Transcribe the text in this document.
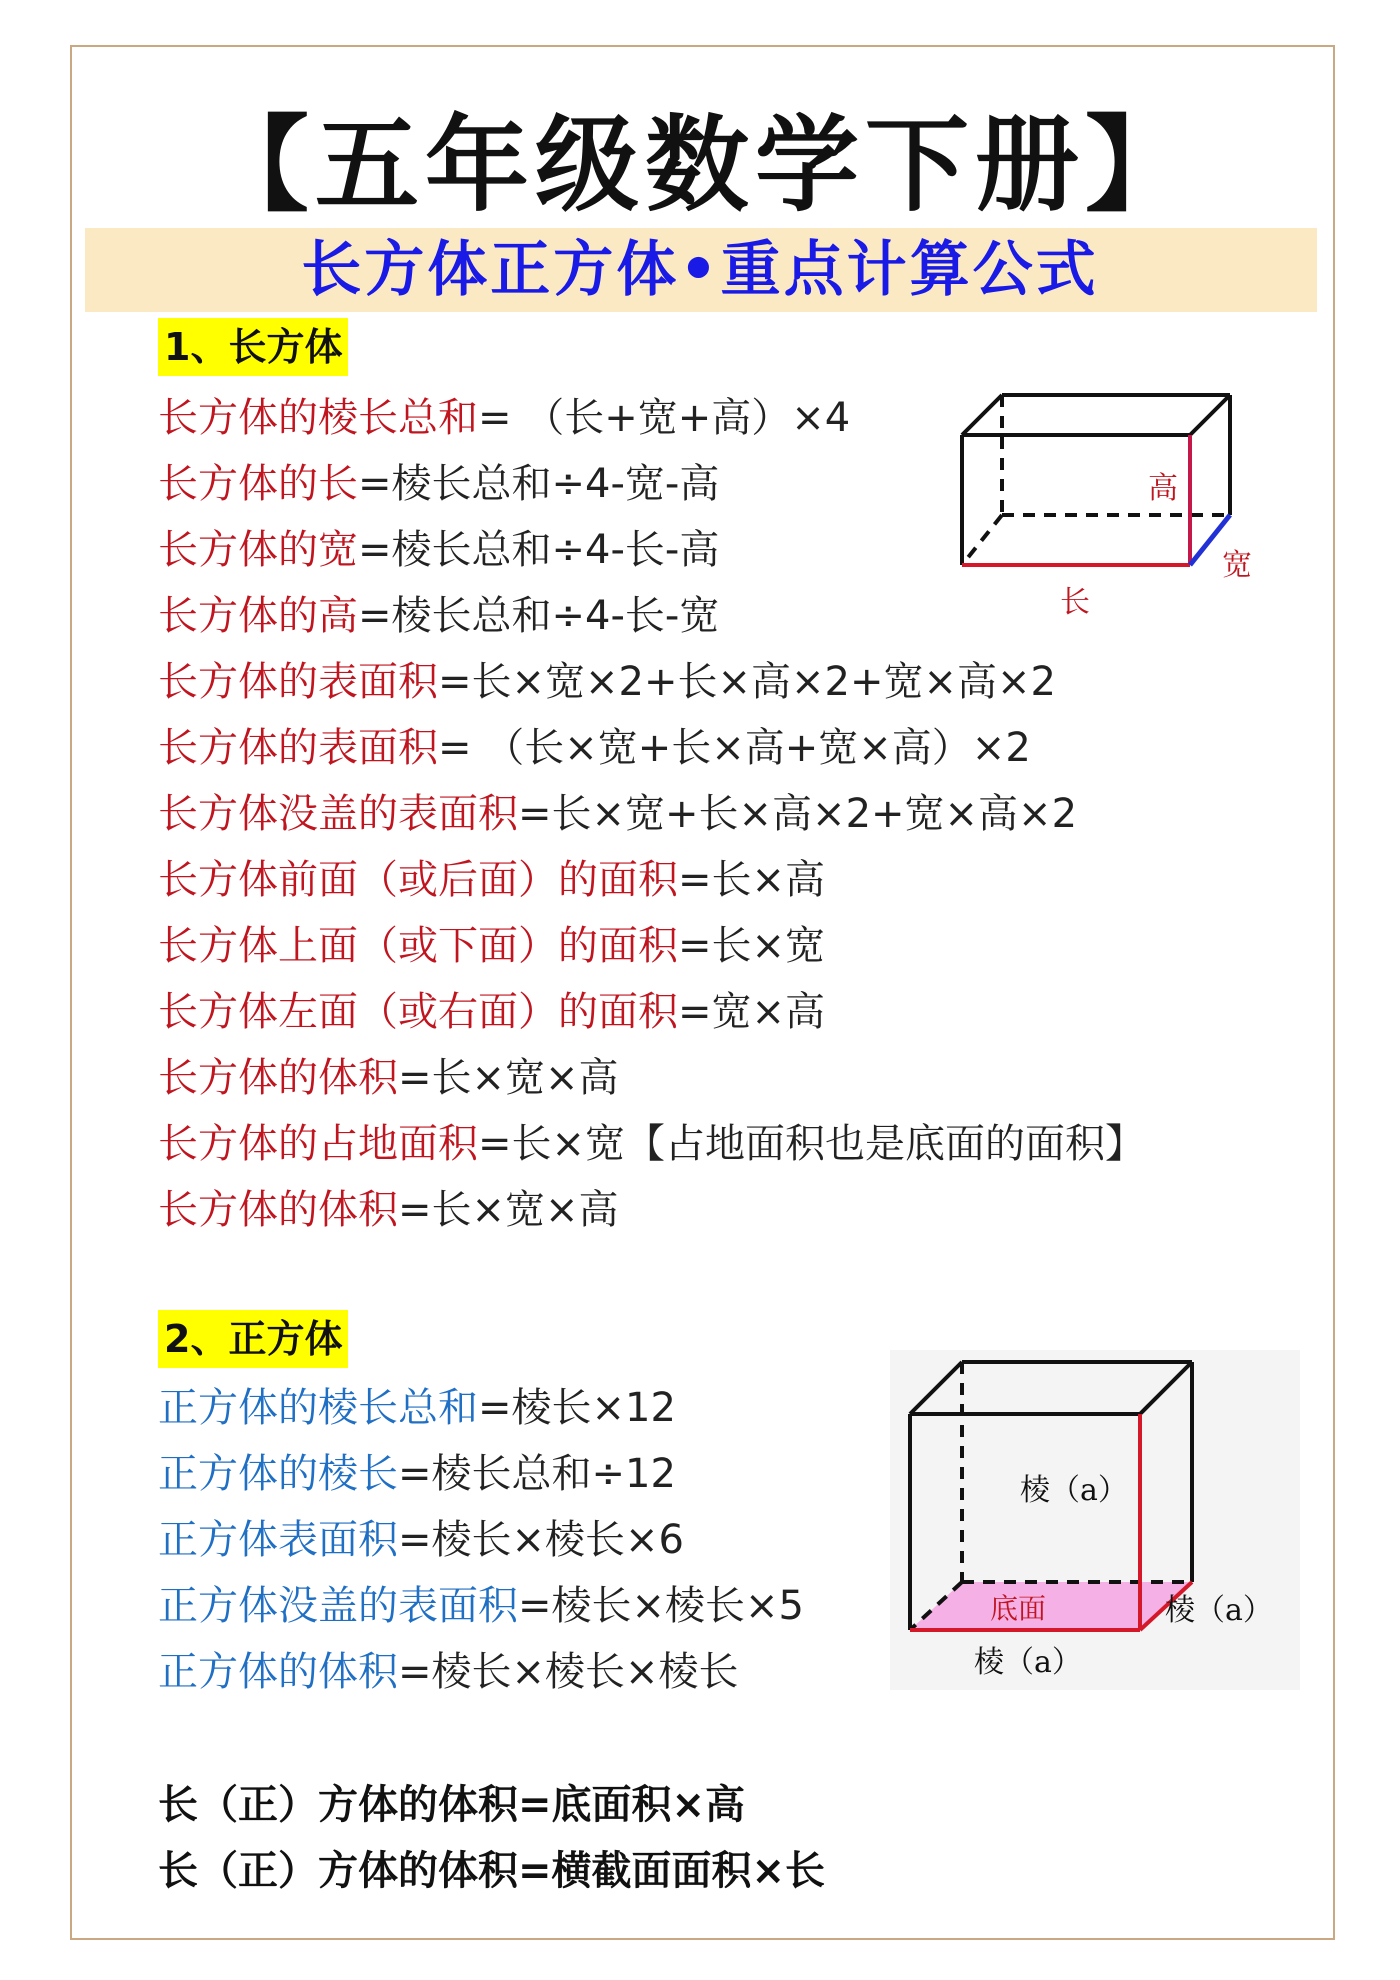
【五年级数学下册】
长方体正方体•重点计算公式
1、长方体
长方体的棱长总和= （长+宽+高）×4
长方体的长=棱长总和÷4-宽-高
长方体的宽=棱长总和÷4-长-高
长方体的高=棱长总和÷4-长-宽
长方体的表面积=长×宽×2+长×高×2+宽×高×2
长方体的表面积= （长×宽+长×高+宽×高）×2
长方体没盖的表面积=长×宽+长×高×2+宽×高×2
长方体前面（或后面）的面积=长×高
长方体上面（或下面）的面积=长×宽
长方体左面（或右面）的面积=宽×高
长方体的体积=长×宽×高
长方体的占地面积=长×宽【占地面积也是底面的面积】
长方体的体积=长×宽×高
高
宽
长
2、正方体
正方体的棱长总和=棱长×12
正方体的棱长=棱长总和÷12
正方体表面积=棱长×棱长×6
正方体没盖的表面积=棱长×棱长×5
正方体的体积=棱长×棱长×棱长
棱（a）
底面	棱（a）
棱（a）
长（正）方体的体积=底面积×高
长（正）方体的体积=横截面面积×长
